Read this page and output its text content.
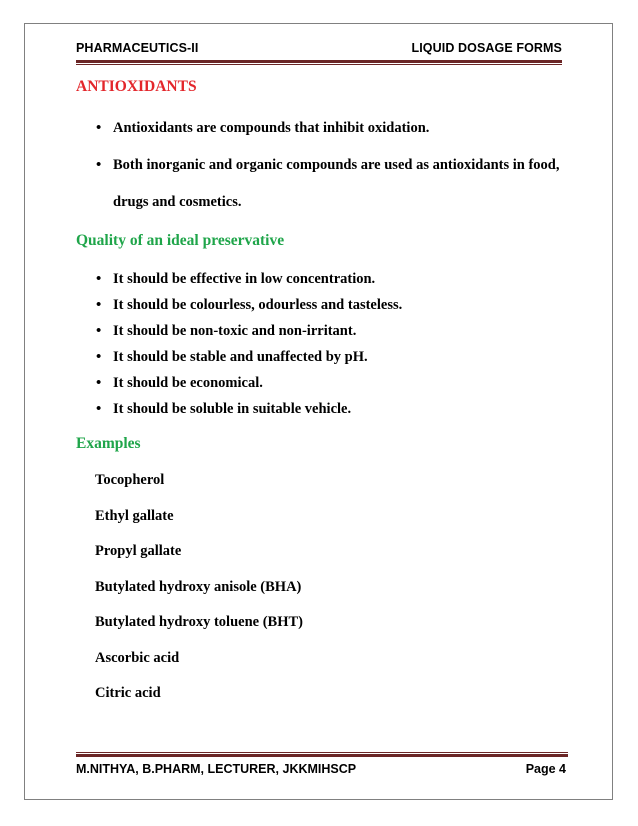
PHARMACEUTICS-II	LIQUID DOSAGE FORMS
ANTIOXIDANTS
• Antioxidants are compounds that inhibit oxidation.
• Both inorganic and organic compounds are used as antioxidants in food, drugs and cosmetics.
Quality of an ideal preservative
• It should be effective in low concentration.
• It should be colourless, odourless and tasteless.
• It should be non-toxic and non-irritant.
• It should be stable and unaffected by pH.
• It should be economical.
• It should be soluble in suitable vehicle.
Examples
Tocopherol
Ethyl gallate
Propyl gallate
Butylated hydroxy anisole (BHA)
Butylated hydroxy toluene (BHT)
Ascorbic acid
Citric acid
M.NITHYA, B.PHARM, LECTURER, JKKMIHSCP	Page 4
